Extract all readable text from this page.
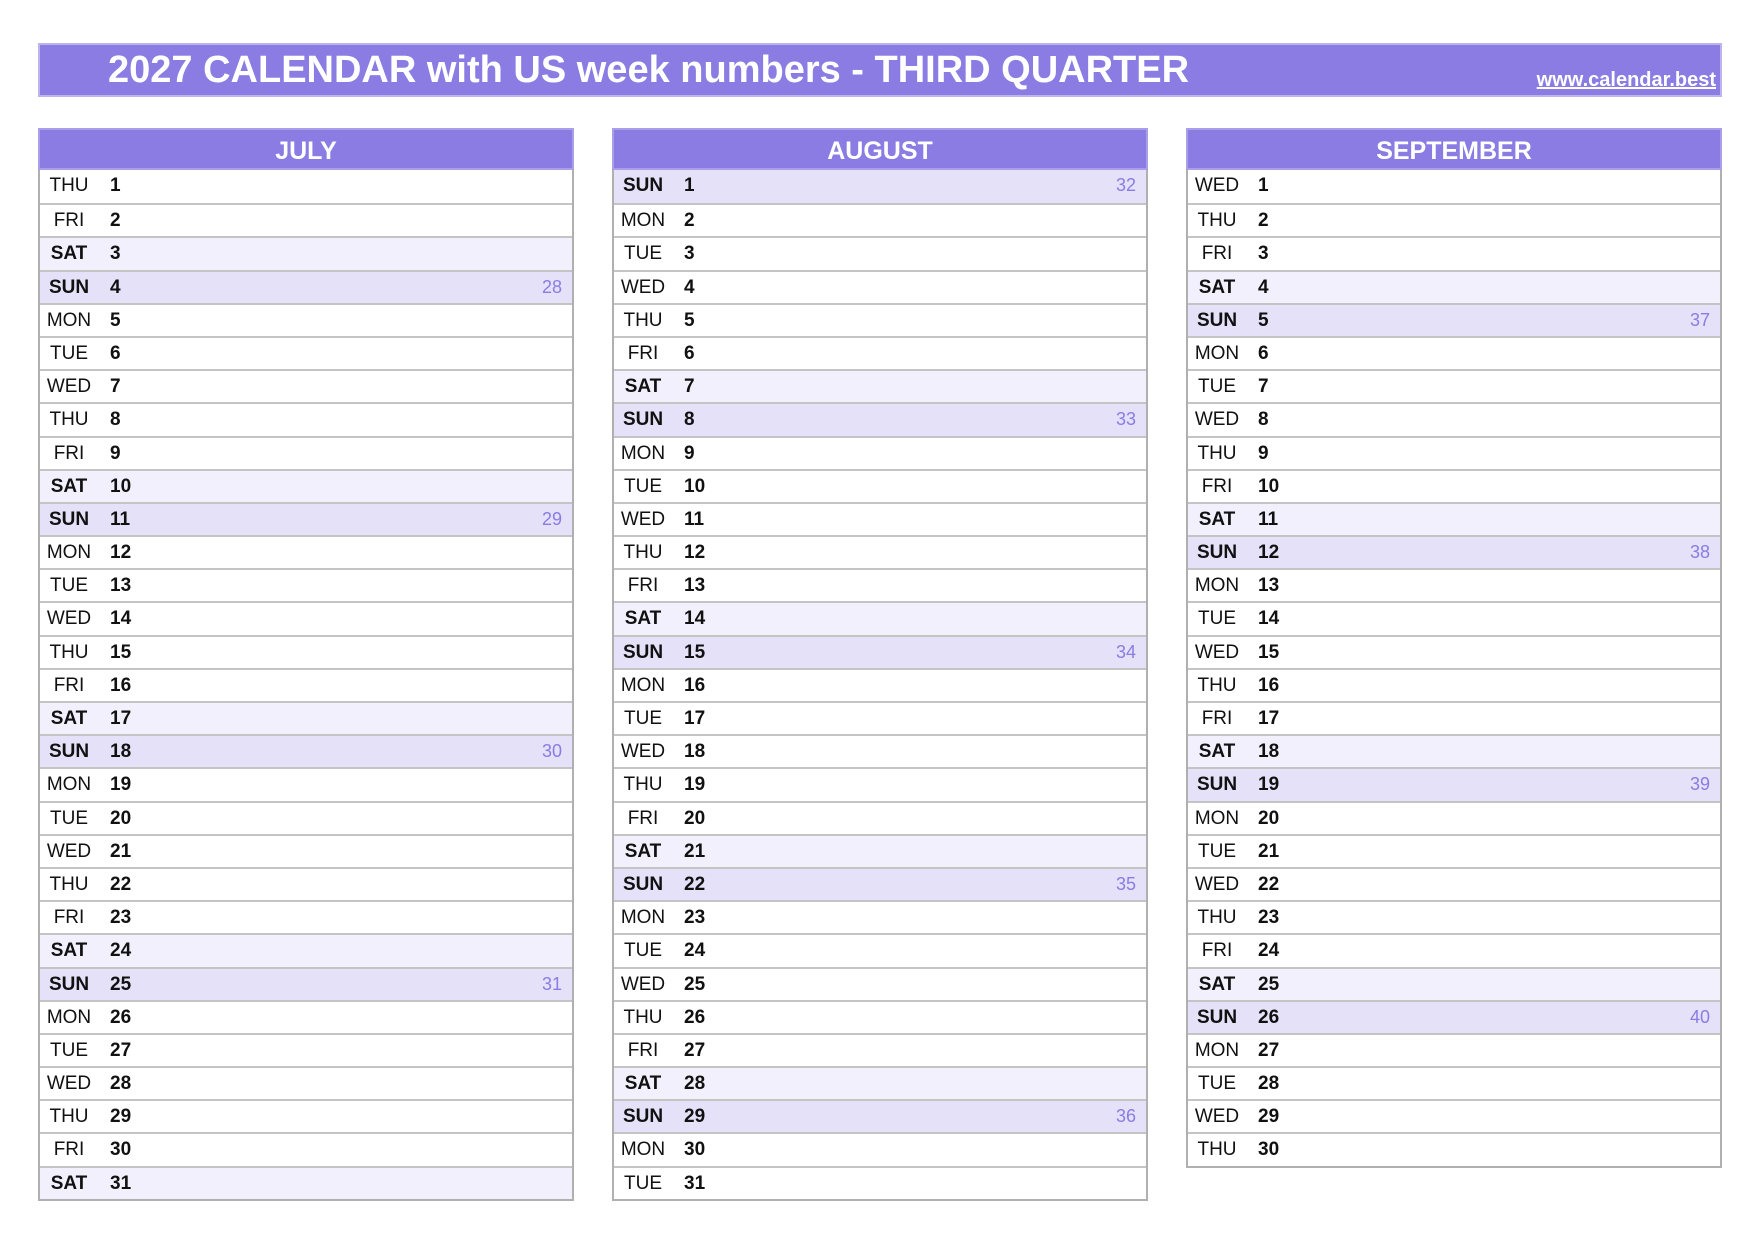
2027 CALENDAR with US week numbers - THIRD QUARTER	www.calendar.best
JULY
THU	1
FRI	2
SAT	3
SUN	4	28
MON 5
TUE	6
WED 7
THU	8
FRI	9
SAT	10
SUN	11	29
MON 12
TUE	13
WED 14
THU	15
FRI	16
SAT	17
SUN	18	30
MON 19
TUE	20
WED 21
THU	22
FRI	23
SAT	24
SUN	25	31
MON 26
TUE	27
WED 28
THU	29
FRI	30
SAT	31
AUGUST
SUN	1	32
MON 2
TUE	3
WED 4
THU	5
FRI	6
SAT	7
SUN	8	33
MON 9
TUE	10
WED 11
THU	12
FRI	13
SAT	14
SUN	15	34
MON 16
TUE	17
WED 18
THU	19
FRI	20
SAT	21
SUN	22	35
MON 23
TUE	24
WED 25
THU	26
FRI	27
SAT	28
SUN	29	36
MON 30
TUE	31
SEPTEMBER
WED 1
THU	2
FRI	3
SAT	4
SUN	5	37
MON 6
TUE	7
WED 8
THU	9
FRI	10
SAT	11
SUN	12	38
MON 13
TUE	14
WED 15
THU	16
FRI	17
SAT	18
SUN	19	39
MON 20
TUE	21
WED 22
THU	23
FRI	24
SAT	25
SUN	26	40
MON 27
TUE	28
WED 29
THU	30
